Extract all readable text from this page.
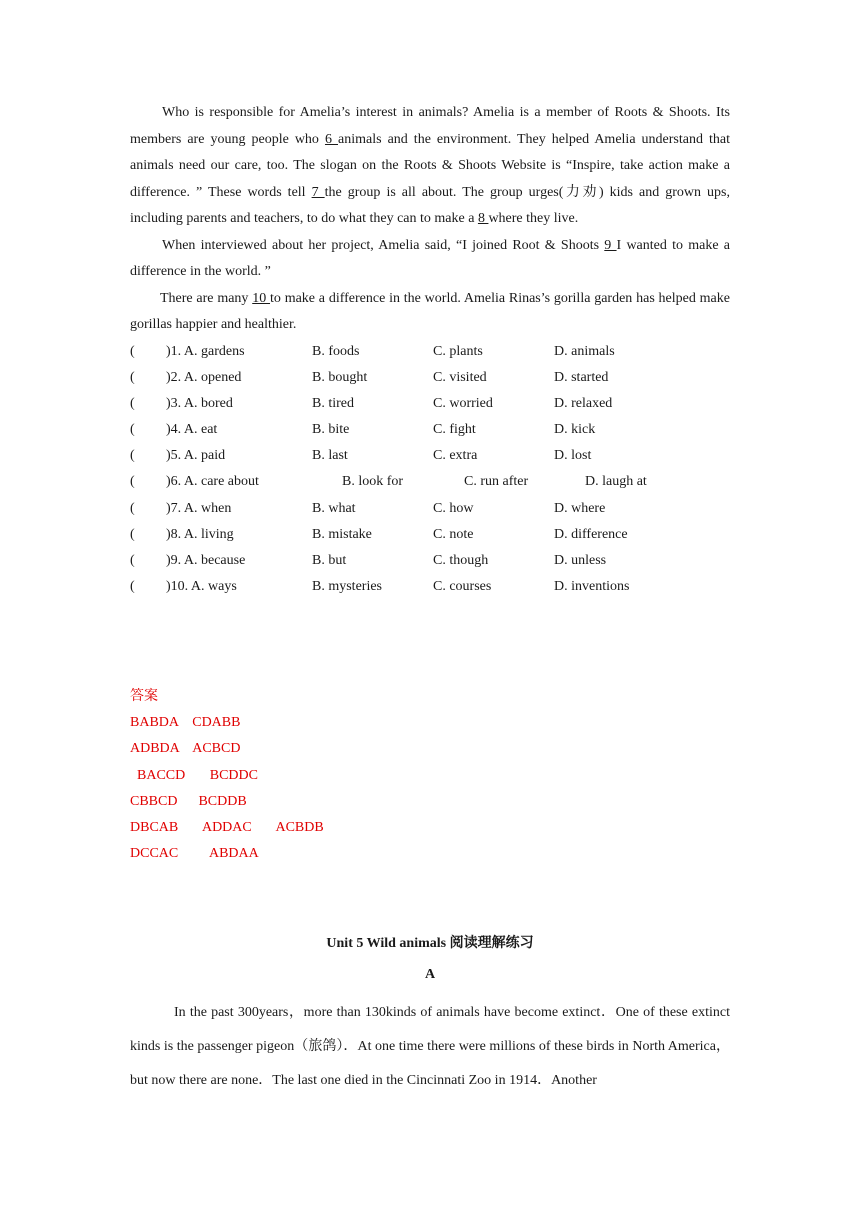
Who is responsible for Amelia’s interest in animals? Amelia is a member of Roots & Shoots. Its members are young people who 6 animals and the environment. They helped Amelia understand that animals need our care, too. The slogan on the Roots & Shoots Website is “Inspire, take action make a difference. ” These words tell 7 the group is all about. The group urges(力劝) kids and grown ups, including parents and teachers, to do what they can to make a 8 where they live.

When interviewed about her project, Amelia said, “I joined Root & Shoots 9 I wanted to make a difference in the world. ”

There are many 10 to make a difference in the world. Amelia Rinas’s gorilla garden has helped make gorillas happier and healthier.

( )1. A. gardens	B. foods	C. plants	D. animals
( )2. A. opened	B. bought	C. visited	D. started
( )3. A. bored	B. tired	C. worried	D. relaxed
( )4. A. eat	B. bite	C. fight	D. kick
( )5. A. paid	B. last	C. extra	D. lost
( )6. A. care about	B. look for	C. run after	D. laugh at
( )7. A. when	B. what	C. how	D. where
( )8. A. living	B. mistake	C. note	D. difference
( )9. A. because	B. but	C. though	D. unless
( )10. A. ways	B. mysteries	C. courses	D. inventions
答案
BABDA    CDABB
ADBDA    ACBCD
BACCD       BCDDC
CBBCD      BCDDB
DBCAB       ADDAC       ACBDB
DCCAC         ABDAA
Unit 5 Wild animals 阅读理解练习
A

In the past 300years，more than 130kinds of animals have become extinct．One of these extinct kinds is the passenger pigeon（旅鸽）．At one time there were millions of these birds in North America，but now there are none．The last one died in the Cincinnati Zoo in 1914．Another
